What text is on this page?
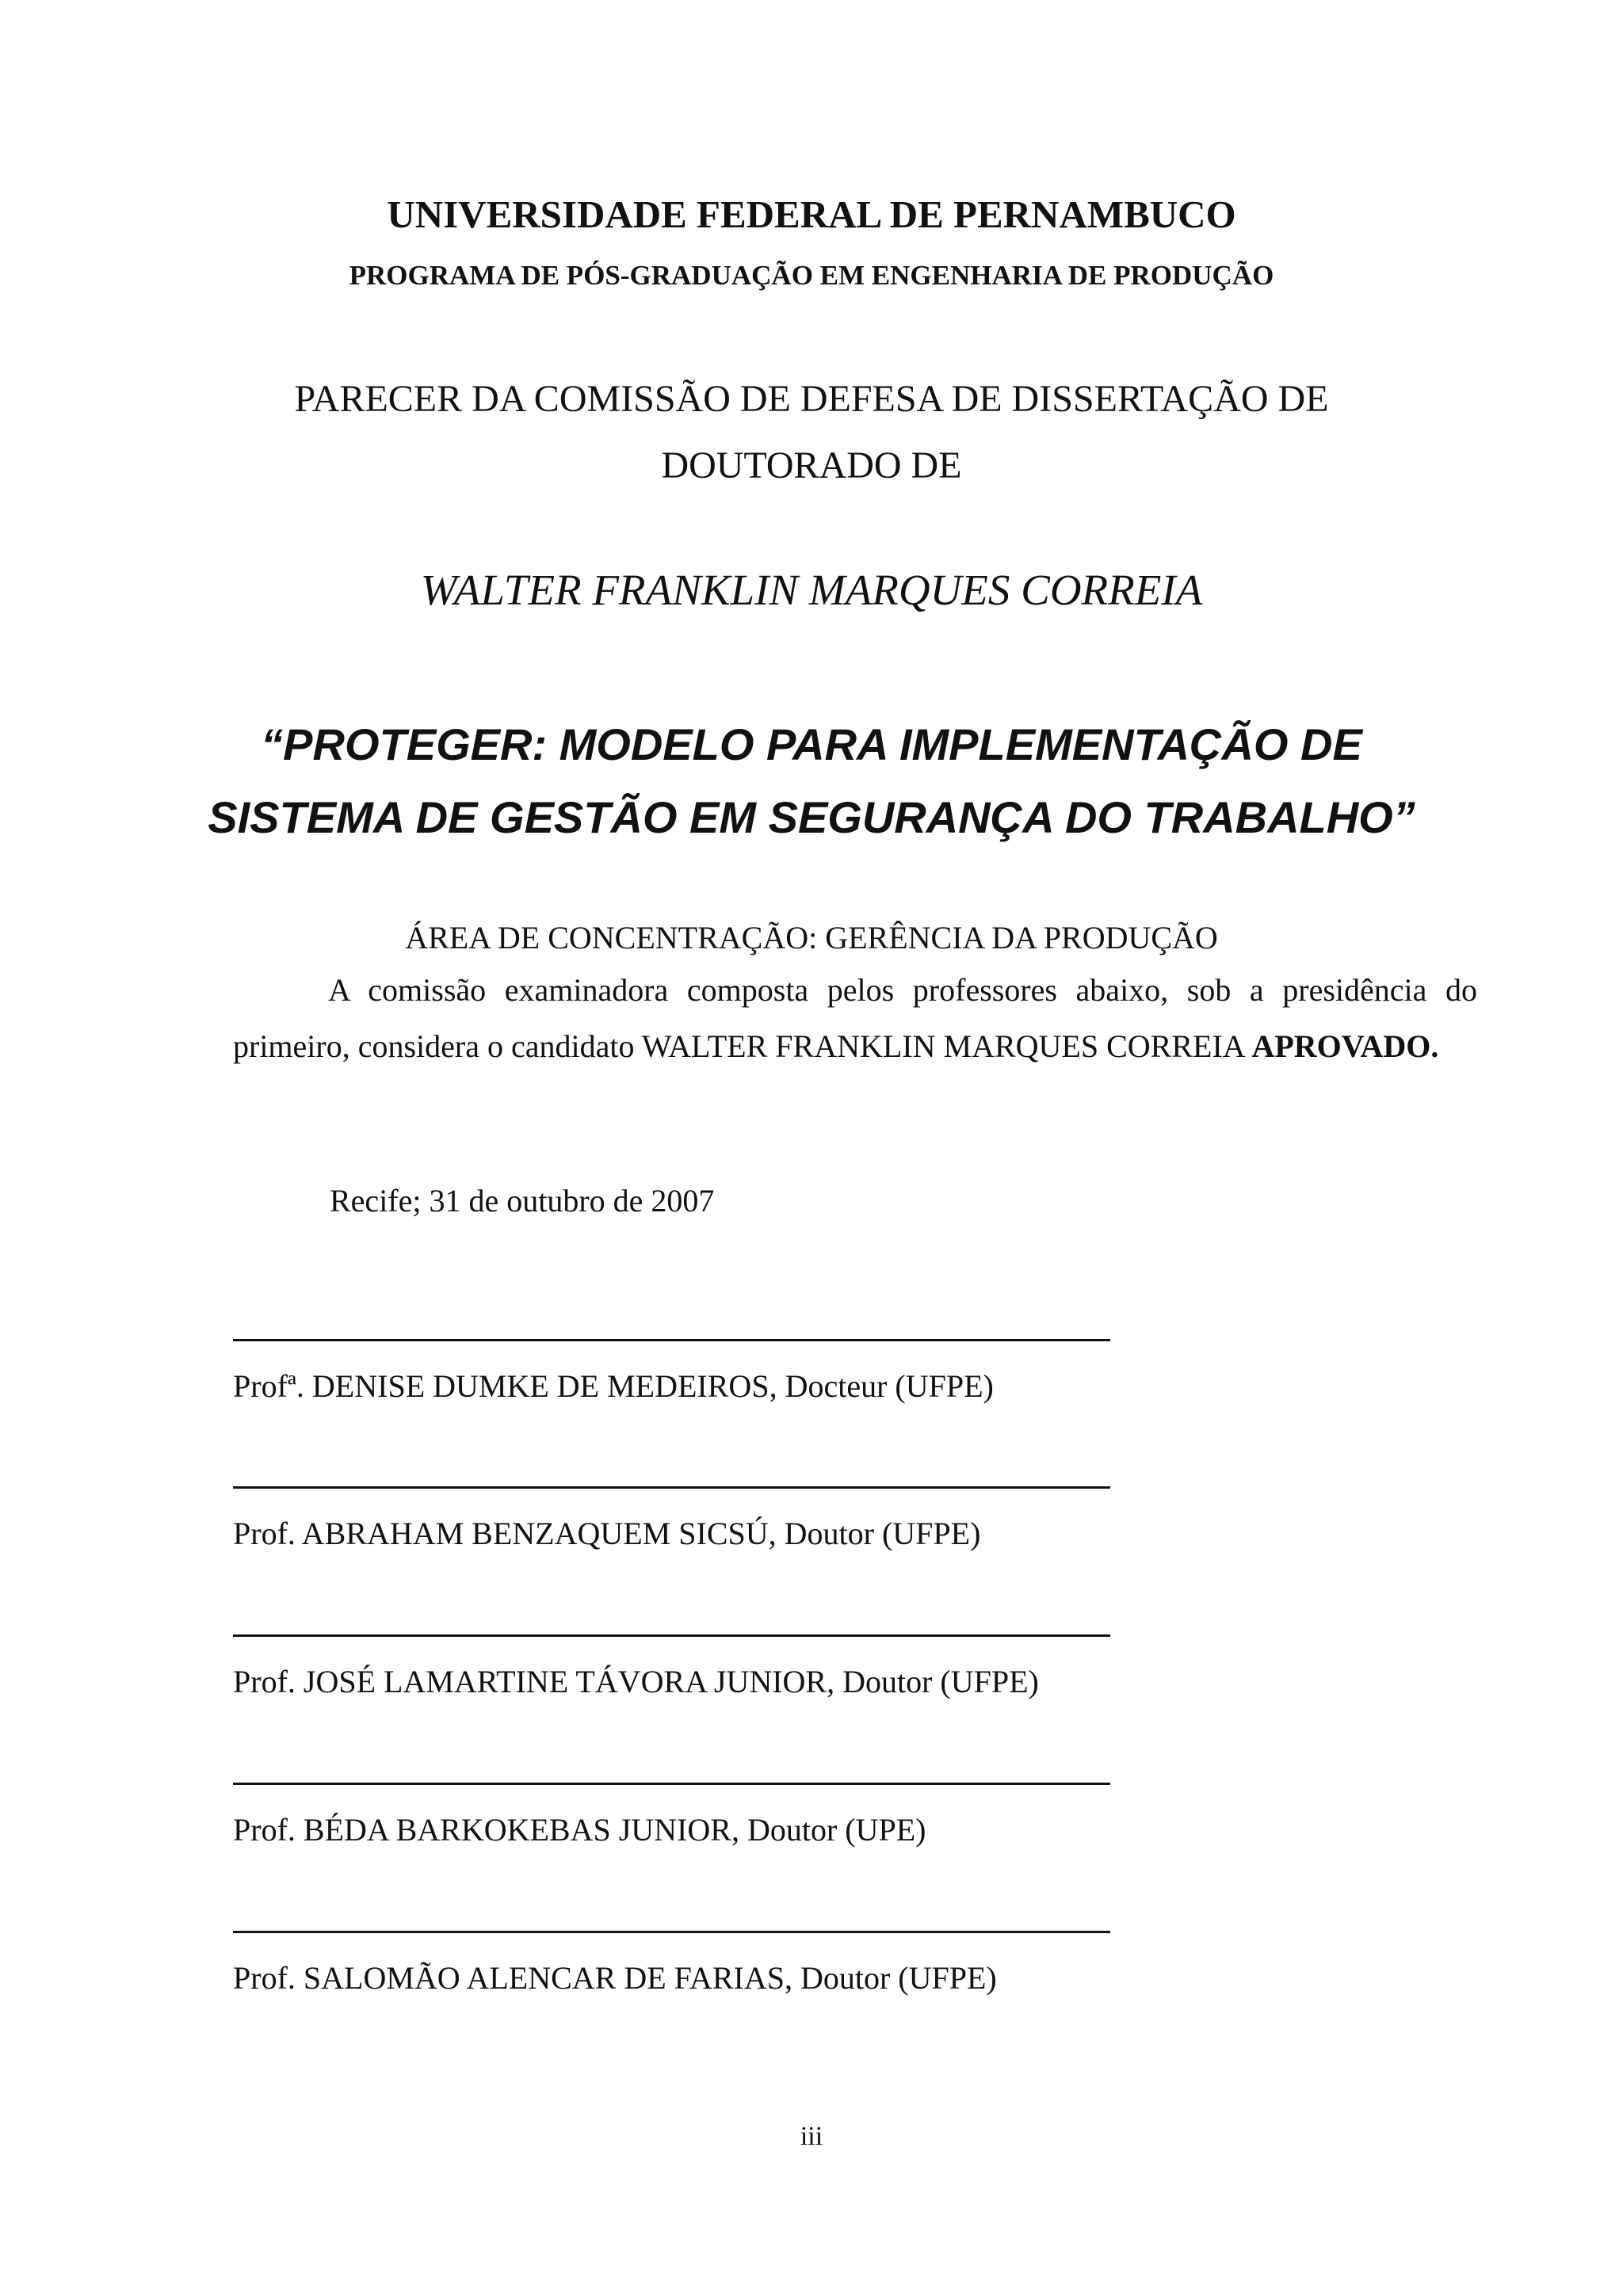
UNIVERSIDADE FEDERAL DE PERNAMBUCO
PROGRAMA DE PÓS-GRADUAÇÃO EM ENGENHARIA DE PRODUÇÃO
PARECER DA COMISSÃO DE DEFESA DE DISSERTAÇÃO DE
DOUTORADO DE
WALTER FRANKLIN MARQUES CORREIA
“PROTEGER: MODELO PARA IMPLEMENTAÇÃO DE
SISTEMA DE GESTÃO EM SEGURANÇA DO TRABALHO”
ÁREA DE CONCENTRAÇÃO: GERÊNCIA DA PRODUÇÃO

A comissão examinadora composta pelos professores abaixo, sob a presidência do primeiro, considera o candidato WALTER FRANKLIN MARQUES CORREIA APROVADO.

Recife; 31 de outubro de 2007
Profª. DENISE DUMKE DE MEDEIROS, Docteur (UFPE)
Prof. ABRAHAM BENZAQUEM SICSÚ, Doutor (UFPE)
Prof. JOSÉ LAMARTINE TÁVORA JUNIOR, Doutor (UFPE)
Prof. BÉDA BARKOKEBAS JUNIOR, Doutor (UPE)
Prof. SALOMÃO ALENCAR DE FARIAS, Doutor (UFPE)
iii
